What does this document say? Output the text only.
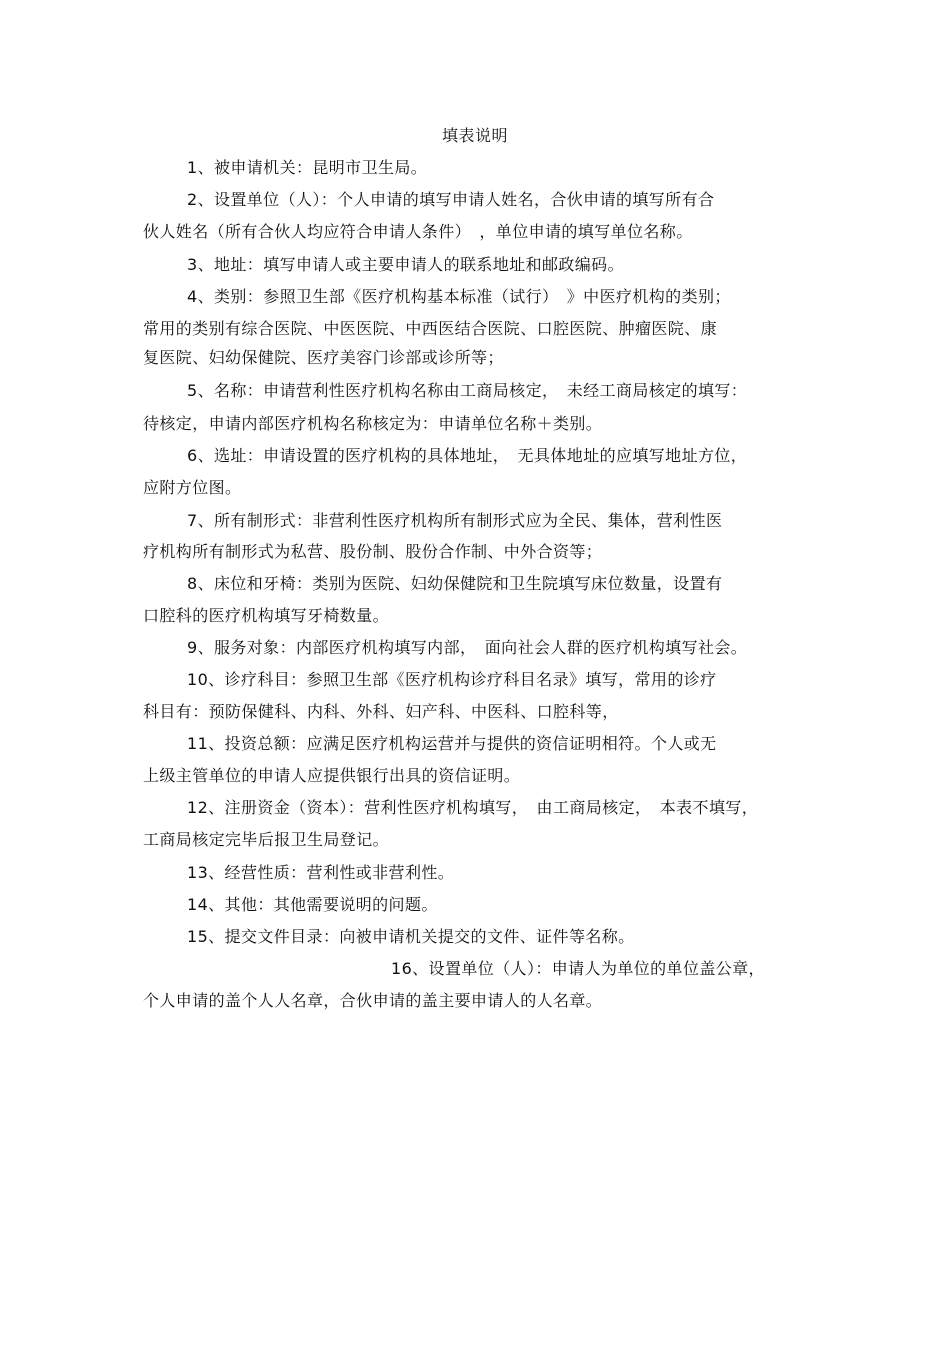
填表说明
1、被申请机关：昆明市卫生局。
2、设置单位（人）：个人申请的填写申请人姓名，合伙申请的填写所有合
伙人姓名（所有合伙人均应符合申请人条件）　，单位申请的填写单位名称。
3、地址：填写申请人或主要申请人的联系地址和邮政编码。
4、类别：参照卫生部《医疗机构基本标准（试行）　》中医疗机构的类别；
常用的类别有综合医院、中医医院、中西医结合医院、口腔医院、肿瘤医院、康
复医院、妇幼保健院、医疗美容门诊部或诊所等；
5、名称：申请营利性医疗机构名称由工商局核定，　未经工商局核定的填写：
待核定，申请内部医疗机构名称核定为：申请单位名称＋类别。
6、选址：申请设置的医疗机构的具体地址，　无具体地址的应填写地址方位，
应附方位图。
7、所有制形式：非营利性医疗机构所有制形式应为全民、集体，营利性医
疗机构所有制形式为私营、股份制、股份合作制、中外合资等；
8、床位和牙椅：类别为医院、妇幼保健院和卫生院填写床位数量，设置有
口腔科的医疗机构填写牙椅数量。
9、服务对象：内部医疗机构填写内部，　面向社会人群的医疗机构填写社会。
10、诊疗科目：参照卫生部《医疗机构诊疗科目名录》填写，常用的诊疗
科目有：预防保健科、内科、外科、妇产科、中医科、口腔科等，
11、投资总额：应满足医疗机构运营并与提供的资信证明相符。个人或无
上级主管单位的申请人应提供银行出具的资信证明。
12、注册资金（资本）：营利性医疗机构填写，　由工商局核定，　本表不填写，
工商局核定完毕后报卫生局登记。
13、经营性质：营利性或非营利性。
14、其他：其他需要说明的问题。
15、提交文件目录：向被申请机关提交的文件、证件等名称。
16、设置单位（人）：申请人为单位的单位盖公章，
个人申请的盖个人人名章，合伙申请的盖主要申请人的人名章。
